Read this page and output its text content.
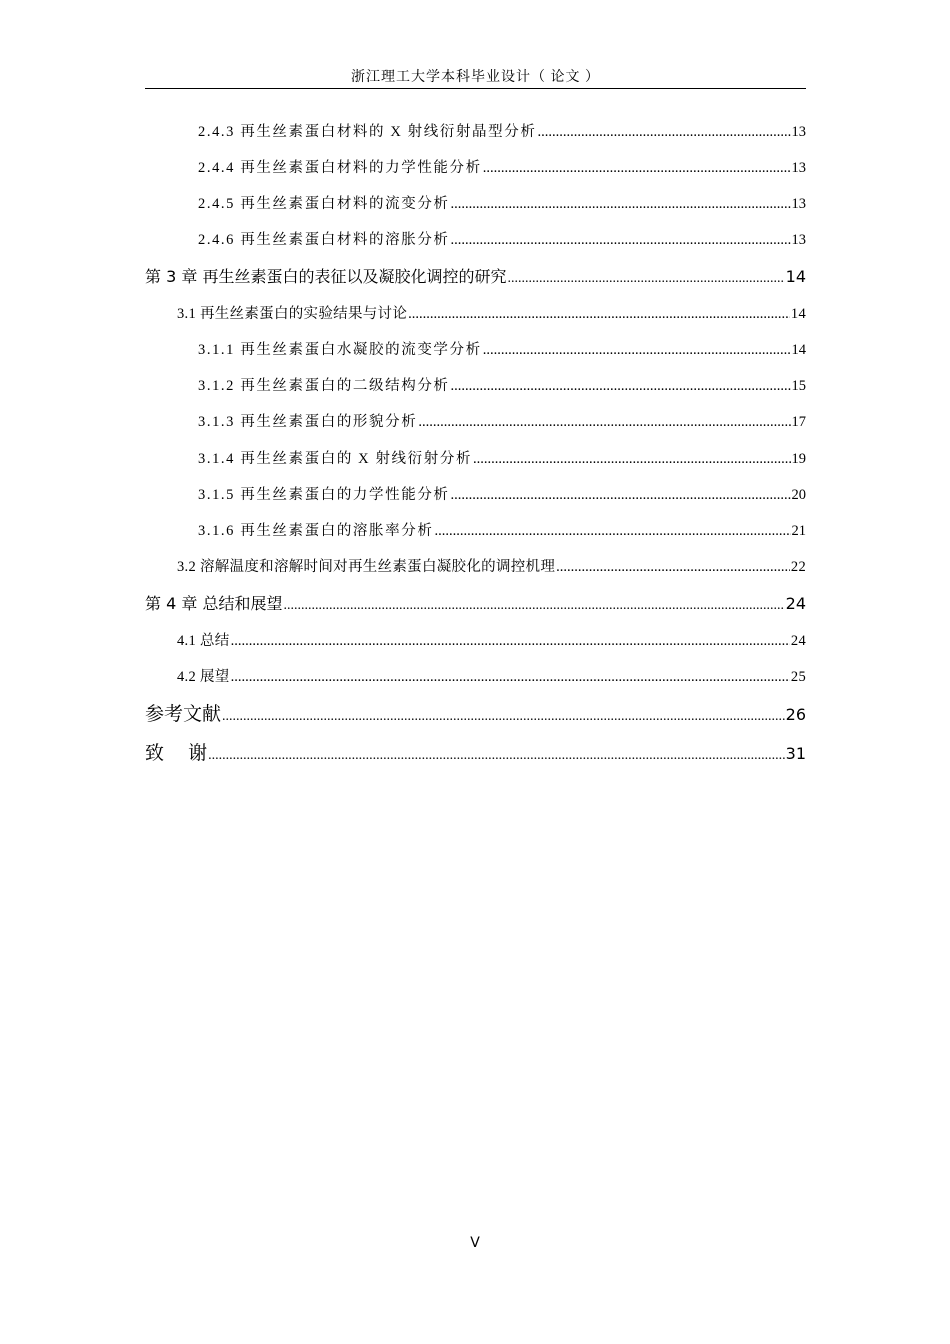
浙江理工大学本科毕业设计（ 论文 ）
2.4.3 再生丝素蛋白材料的 X 射线衍射晶型分析 .....	13
2.4.4 再生丝素蛋白材料的力学性能分析 .....	13
2.4.5 再生丝素蛋白材料的流变分析 .....	13
2.4.6 再生丝素蛋白材料的溶胀分析 .....	13
第 3 章 再生丝素蛋白的表征以及凝胶化调控的研究 .....	14
3.1 再生丝素蛋白的实验结果与讨论 .....	14
3.1.1 再生丝素蛋白水凝胶的流变学分析 .....	14
3.1.2 再生丝素蛋白的二级结构分析 .....	15
3.1.3 再生丝素蛋白的形貌分析 .....	17
3.1.4 再生丝素蛋白的 X 射线衍射分析 .....	19
3.1.5 再生丝素蛋白的力学性能分析 .....	20
3.1.6 再生丝素蛋白的溶胀率分析 .....	21
3.2 溶解温度和溶解时间对再生丝素蛋白凝胶化的调控机理 .....	22
第 4 章 总结和展望 .....	24
4.1 总结 .....	24
4.2 展望 .....	25
参考文献 .....	26
致    谢 .....	31
V
